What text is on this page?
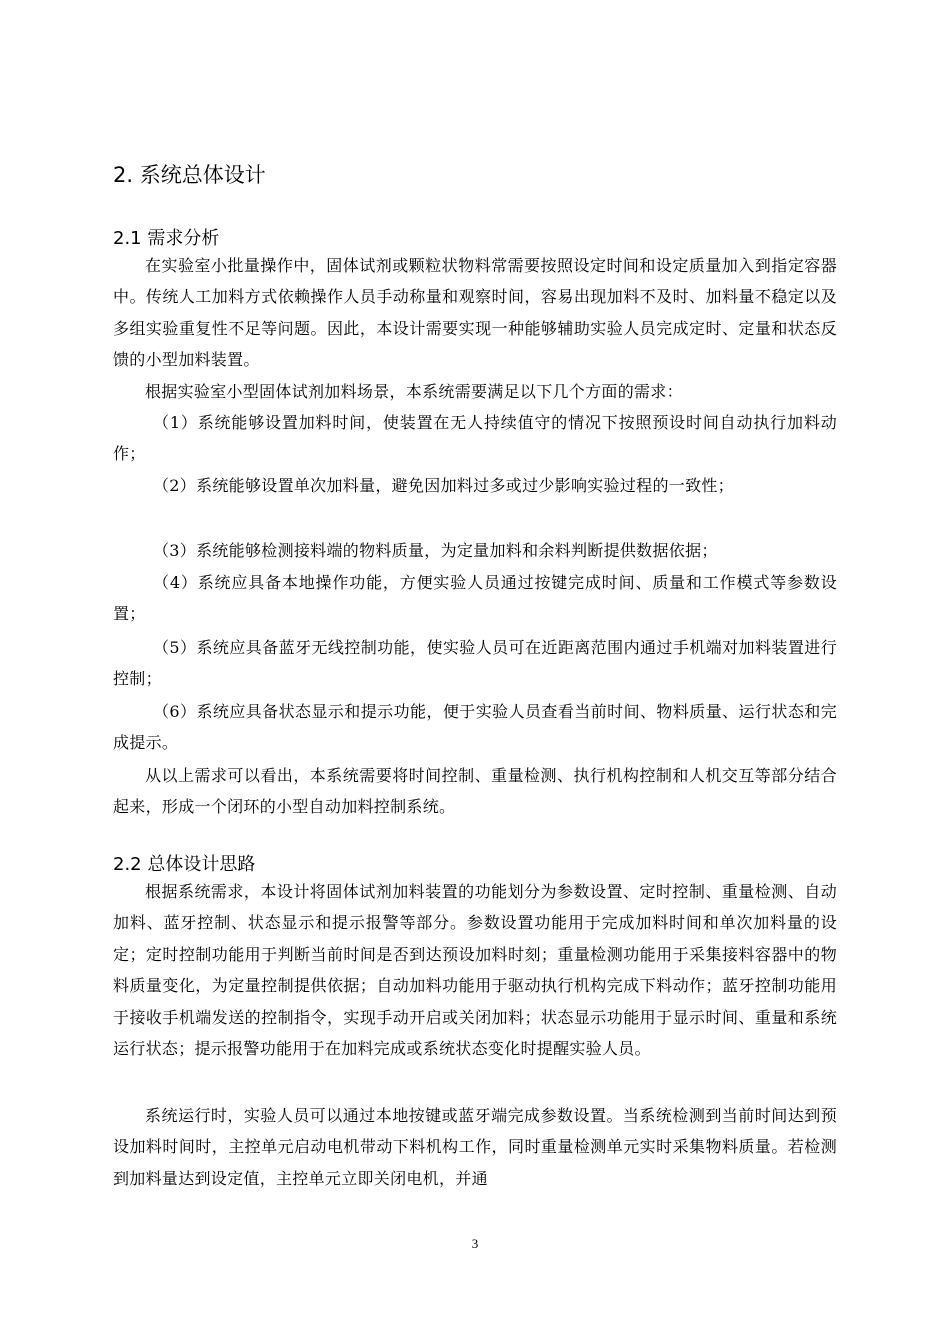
2. 系统总体设计
2.1 需求分析

在实验室小批量操作中，固体试剂或颗粒状物料常需要按照设定时间和设定质量加入到指定容器中。传统人工加料方式依赖操作人员手动称量和观察时间，容易出现加料不及时、加料量不稳定以及多组实验重复性不足等问题。因此，本设计需要实现一种能够辅助实验人员完成定时、定量和状态反馈的小型加料装置。

根据实验室小型固体试剂加料场景，本系统需要满足以下几个方面的需求：

（1）系统能够设置加料时间，使装置在无人持续值守的情况下按照预设时间自动执行加料动作；

（2）系统能够设置单次加料量，避免因加料过多或过少影响实验过程的一致性；

（3）系统能够检测接料端的物料质量，为定量加料和余料判断提供数据依据；

（4）系统应具备本地操作功能，方便实验人员通过按键完成时间、质量和工作模式等参数设置；

（5）系统应具备蓝牙无线控制功能，使实验人员可在近距离范围内通过手机端对加料装置进行控制；

（6）系统应具备状态显示和提示功能，便于实验人员查看当前时间、物料质量、运行状态和完成提示。

从以上需求可以看出，本系统需要将时间控制、重量检测、执行机构控制和人机交互等部分结合起来，形成一个闭环的小型自动加料控制系统。

2.2 总体设计思路

根据系统需求，本设计将固体试剂加料装置的功能划分为参数设置、定时控制、重量检测、自动加料、蓝牙控制、状态显示和提示报警等部分。参数设置功能用于完成加料时间和单次加料量的设定；定时控制功能用于判断当前时间是否到达预设加料时刻；重量检测功能用于采集接料容器中的物料质量变化，为定量控制提供依据；自动加料功能用于驱动执行机构完成下料动作；蓝牙控制功能用于接收手机端发送的控制指令，实现手动开启或关闭加料；状态显示功能用于显示时间、重量和系统运行状态；提示报警功能用于在加料完成或系统状态变化时提醒实验人员。

系统运行时，实验人员可以通过本地按键或蓝牙端完成参数设置。当系统检测到当前时间达到预设加料时间时，主控单元启动电机带动下料机构工作，同时重量检测单元实时采集物料质量。若检测到加料量达到设定值，主控单元立即关闭电机，并通

3
